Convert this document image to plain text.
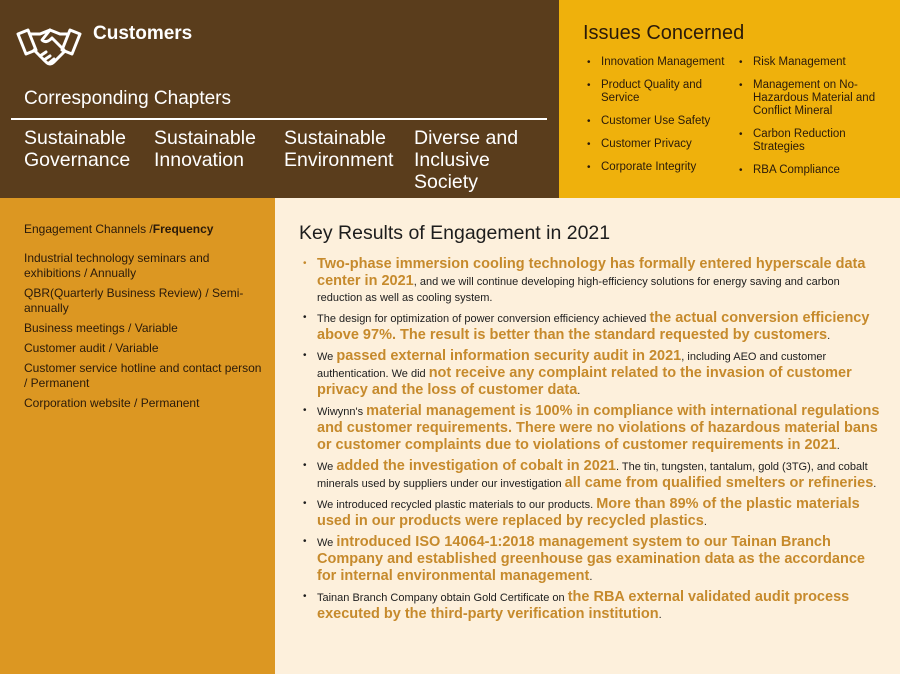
Customers
Corresponding Chapters
Sustainable Governance
Sustainable Innovation
Sustainable Environment
Diverse and Inclusive Society
Issues Concerned
• Innovation Management
• Product Quality and Service
• Customer Use Safety
• Customer Privacy
• Corporate Integrity
• Risk Management
• Management on No-Hazardous Material and Conflict Mineral
• Carbon Reduction Strategies
• RBA Compliance
Engagement Channels /Frequency
Industrial technology seminars and exhibitions / Annually
QBR(Quarterly Business Review) / Semi-annually
Business meetings / Variable
Customer audit / Variable
Customer service hotline and contact person / Permanent
Corporation website / Permanent
Key Results of Engagement in 2021
• Two-phase immersion cooling technology has formally entered hyperscale data center in 2021, and we will continue developing high-efficiency solutions for energy saving and carbon reduction as well as cooling system.
• The design for optimization of power conversion efficiency achieved the actual conversion efficiency above 97%. The result is better than the standard requested by customers.
• We passed external information security audit in 2021, including AEO and customer authentication. We did not receive any complaint related to the invasion of customer privacy and the loss of customer data.
• Wiwynn's material management is 100% in compliance with international regulations and customer requirements. There were no violations of hazardous material bans or customer complaints due to violations of customer requirements in 2021.
• We added the investigation of cobalt in 2021. The tin, tungsten, tantalum, gold (3TG), and cobalt minerals used by suppliers under our investigation all came from qualified smelters or refineries.
• We introduced recycled plastic materials to our products. More than 89% of the plastic materials used in our products were replaced by recycled plastics.
• We introduced ISO 14064-1:2018 management system to our Tainan Branch Company and established greenhouse gas examination data as the accordance for internal environmental management.
• Tainan Branch Company obtain Gold Certificate on the RBA external validated audit process executed by the third-party verification institution.
